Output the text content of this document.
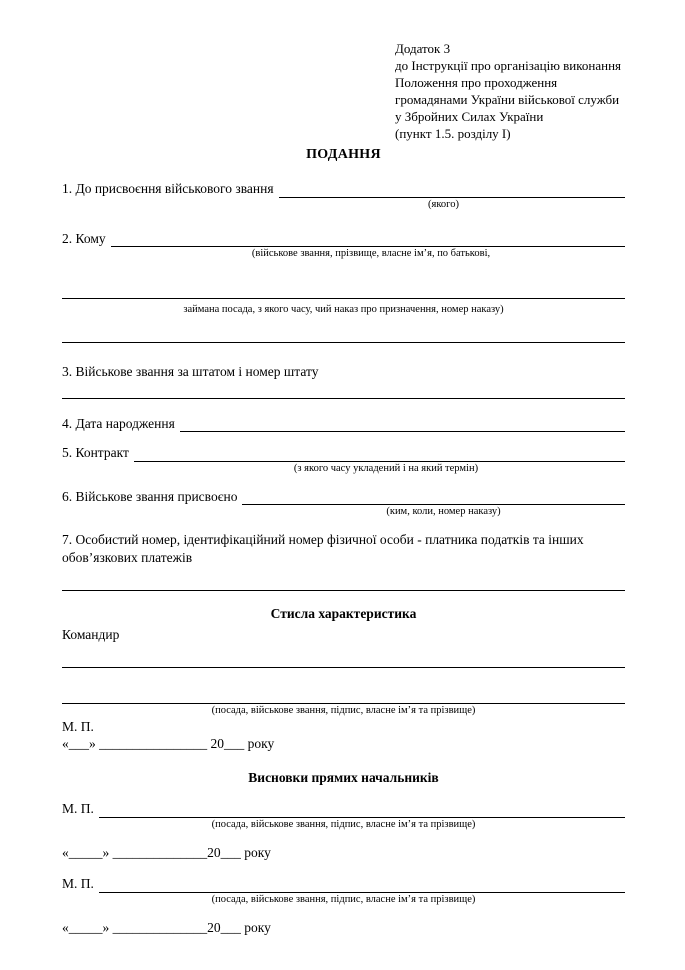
Додаток 3
до Інструкції про організацію виконання
Положення про проходження
громадянами України військової служби
у Збройних Силах України
(пункт 1.5. розділу І)
ПОДАННЯ
1. До присвоєння військового звання
(якого)
2. Кому
(військове звання, прізвище, власне ім’я, по батькові,
займана посада, з якого часу, чий наказ про призначення, номер наказу)
3. Військове звання за штатом і номер штату
4. Дата народження
5. Контракт
(з якого часу укладений і на який термін)
6. Військове звання присвоєно
(ким, коли, номер наказу)
7. Особистий номер, ідентифікаційний номер фізичної особи - платника податків та інших обов’язкових платежів
Стисла характеристика
Командир
(посада, військове звання, підпис, власне ім’я та прізвище)
М. П.
«___» ________________ 20___ року
Висновки прямих начальників
М. П.
(посада, військове звання, підпис, власне ім’я та прізвище)
«_____» ______________20___ року
М. П.
(посада, військове звання, підпис, власне ім’я та прізвище)
«_____» ______________20___ року
